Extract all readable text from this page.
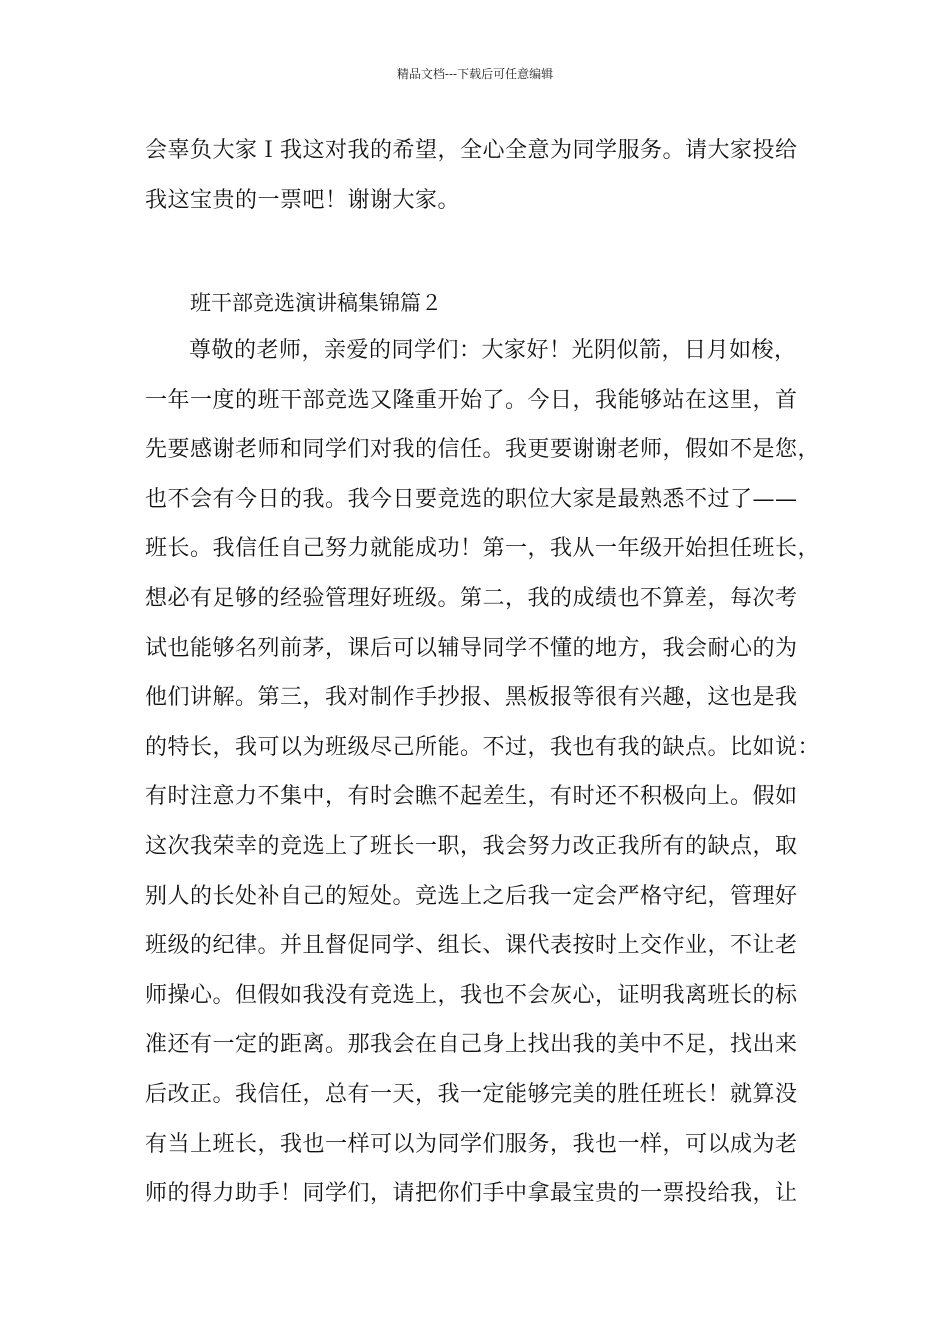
精品文档---下载后可任意编辑
会辜负大家Ｉ我这对我的希望，全心全意为同学服务。请大家投给
我这宝贵的一票吧！谢谢大家。
班干部竞选演讲稿集锦篇２
尊敬的老师，亲爱的同学们：大家好！光阴似箭，日月如梭，
一年一度的班干部竞选又隆重开始了。今日，我能够站在这里，首
先要感谢老师和同学们对我的信任。我更要谢谢老师，假如不是您，
也不会有今日的我。我今日要竞选的职位大家是最熟悉不过了——
班长。我信任自己努力就能成功！第一，我从一年级开始担任班长，
想必有足够的经验管理好班级。第二，我的成绩也不算差，每次考
试也能够名列前茅，课后可以辅导同学不懂的地方，我会耐心的为
他们讲解。第三，我对制作手抄报、黑板报等很有兴趣，这也是我
的特长，我可以为班级尽己所能。不过，我也有我的缺点。比如说：
有时注意力不集中，有时会瞧不起差生，有时还不积极向上。假如
这次我荣幸的竞选上了班长一职，我会努力改正我所有的缺点，取
别人的长处补自己的短处。竞选上之后我一定会严格守纪，管理好
班级的纪律。并且督促同学、组长、课代表按时上交作业，不让老
师操心。但假如我没有竞选上，我也不会灰心，证明我离班长的标
准还有一定的距离。那我会在自己身上找出我的美中不足，找出来
后改正。我信任，总有一天，我一定能够完美的胜任班长！就算没
有当上班长，我也一样可以为同学们服务，我也一样，可以成为老
师的得力助手！同学们，请把你们手中拿最宝贵的一票投给我，让
